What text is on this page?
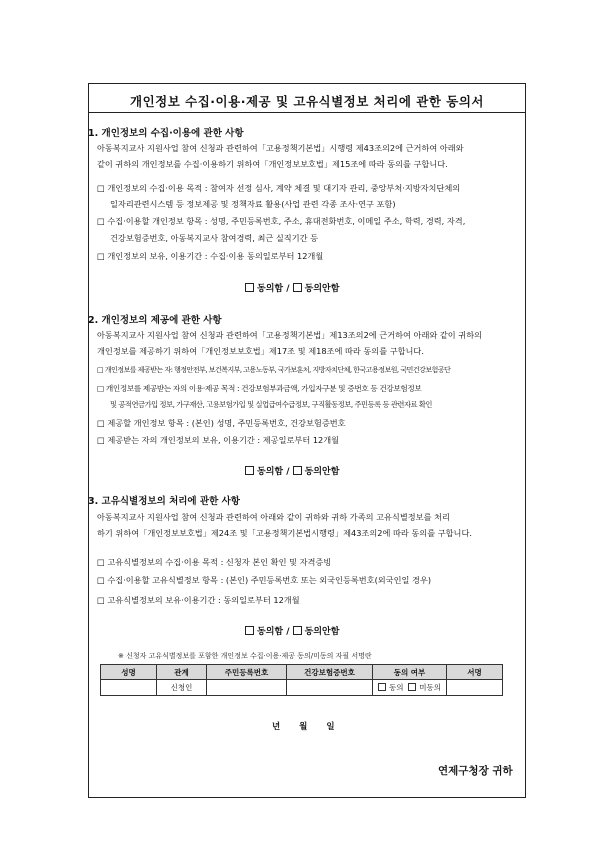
개인정보 수집·이용·제공 및 고유식별정보 처리에 관한 동의서
1. 개인정보의 수집·이용에 관한 사항
아동복지교사 지원사업 참여 신청과 관련하여「고용정책기본법」시행령 제43조의2에 근거하여 아래와
같이 귀하의 개인정보를 수집·이용하기 위하여「개인정보보호법」제15조에 따라 동의를 구합니다.
□ 개인정보의 수집·이용 목적 : 참여자 선정 심사, 계약 체결 및 대기자 관리, 중앙부처·지방자치단체의
일자리관련시스템 등 정보제공 및 정책자료 활용(사업 관련 각종 조사·연구 포함)
□ 수집·이용할 개인정보 항목 : 성명, 주민등록번호, 주소, 휴대전화번호, 이메일 주소, 학력, 경력, 자격,
건강보험증번호, 아동복지교사 참여경력, 최근 실직기간 등
□ 개인정보의 보유, 이용기간 : 수집·이용 동의일로부터 12개월
동의함 / 동의안함
2. 개인정보의 제공에 관한 사항
아동복지교사 지원사업 참여 신청과 관련하여「고용정책기본법」제13조의2에 근거하여 아래와 같이 귀하의
개인정보를 제공하기 위하여「개인정보보호법」제17조 및 제18조에 따라 동의를 구합니다.
□ 개인정보를 제공받는 자: 행정안전부, 보건복지부, 고용노동부, 국가보훈처, 지방자치단체, 한국고용정보원, 국민건강보험공단
□ 개인정보를 제공받는 자의 이용·제공 목적 : 건강보험부과금액, 가입자구분 및 증번호 등 건강보험정보
및 공적연금가입 정보, 가구재산, 고용보험가입 및 실업급여수급정보, 구직활동정보, 주민등록 등 관련자료 확인
□ 제공할 개인정보 항목 : (본인) 성명, 주민등록번호, 건강보험증번호
□ 제공받는 자의 개인정보의 보유, 이용기간 : 제공일로부터 12개월
동의함 / 동의안함
3. 고유식별정보의 처리에 관한 사항
아동복지교사 지원사업 참여 신청과 관련하여 아래와 같이 귀하와 귀하 가족의 고유식별정보를 처리
하기 위하여「개인정보보호법」제24조 및「고용정책기본법시행령」제43조의2에 따라 동의를 구합니다.
□ 고유식별정보의 수집·이용 목적 : 신청자 본인 확인 및 자격증빙
□ 수집·이용할 고유식별정보 항목 : (본인) 주민등록번호 또는 외국인등록번호(외국인일 경우)
□ 고유식별정보의 보유·이용기간 : 동의일로부터 12개월
동의함 / 동의안함
※ 신청자 고유식별정보를 포함한 개인정보 수집·이용·제공 동의/미동의 자필 서명란
성명	관계	주민등록번호	건강보험증번호	동의 여부	서명
	신청인			동의 미동의	
년 월 일
연제구청장 귀하
